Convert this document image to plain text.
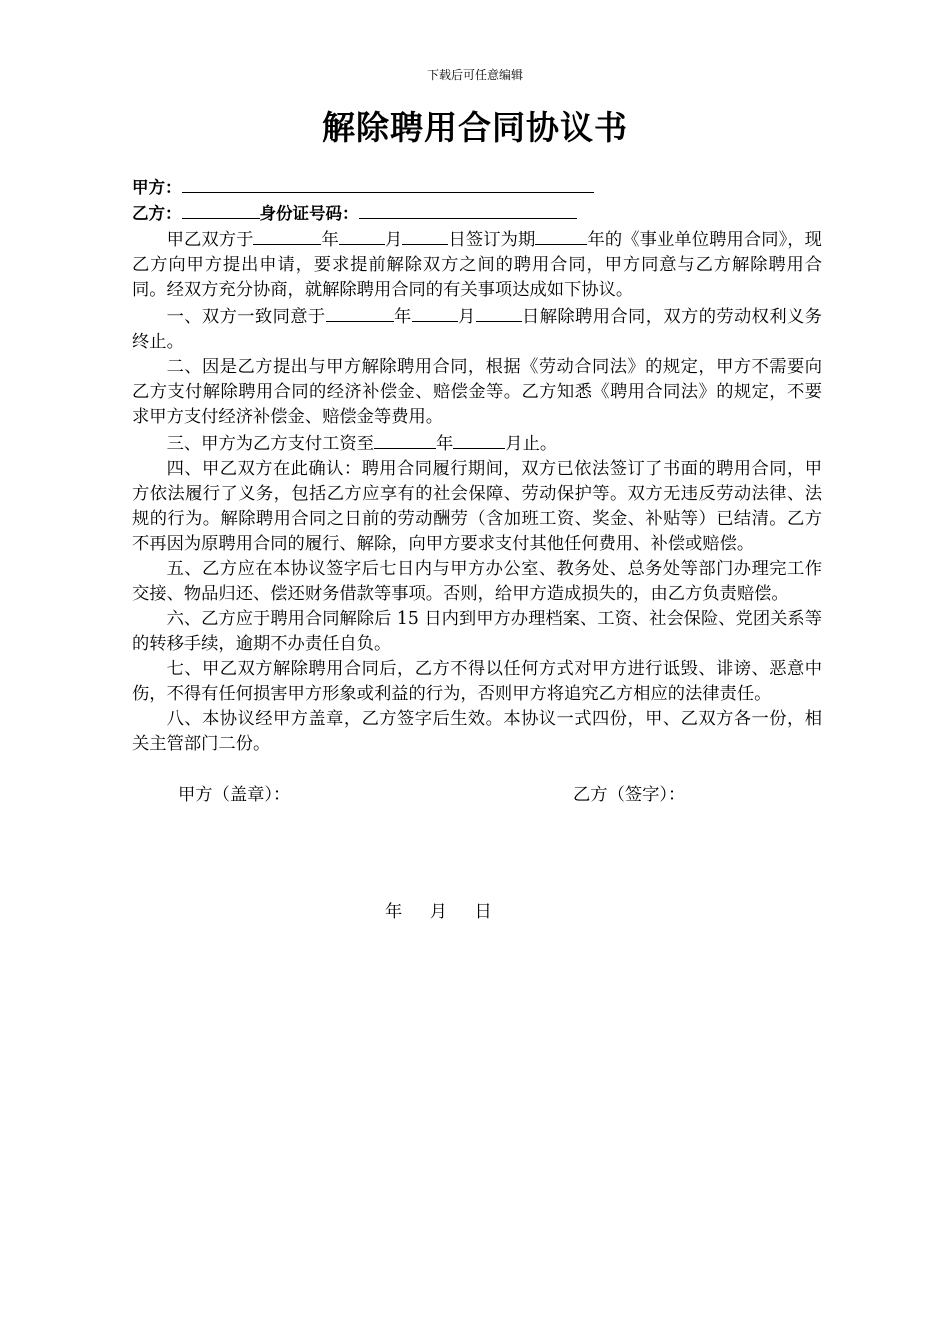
下载后可任意编辑
解除聘用合同协议书
甲方：
乙方：	身份证号码：

甲乙双方于	年	月	日签订为期	年的《事业单位聘用合同》，现乙方向甲方提出申请，要求提前解除双方之间的聘用合同，甲方同意与乙方解除聘用合同。经双方充分协商，就解除聘用合同的有关事项达成如下协议。

一、双方一致同意于	年	月	日解除聘用合同，双方的劳动权利义务终止。

二、因是乙方提出与甲方解除聘用合同，根据《劳动合同法》的规定，甲方不需要向乙方支付解除聘用合同的经济补偿金、赔偿金等。乙方知悉《聘用合同法》的规定，不要求甲方支付经济补偿金、赔偿金等费用。

三、甲方为乙方支付工资至	年	月止。

四、甲乙双方在此确认：聘用合同履行期间，双方已依法签订了书面的聘用合同，甲方依法履行了义务，包括乙方应享有的社会保障、劳动保护等。双方无违反劳动法律、法规的行为。解除聘用合同之日前的劳动酬劳（含加班工资、奖金、补贴等）已结清。乙方不再因为原聘用合同的履行、解除，向甲方要求支付其他任何费用、补偿或赔偿。

五、乙方应在本协议签字后七日内与甲方办公室、教务处、总务处等部门办理完工作交接、物品归还、偿还财务借款等事项。否则，给甲方造成损失的，由乙方负责赔偿。

六、乙方应于聘用合同解除后 15 日内到甲方办理档案、工资、社会保险、党团关系等的转移手续，逾期不办责任自负。

七、甲乙双方解除聘用合同后，乙方不得以任何方式对甲方进行诋毁、诽谤、恶意中伤，不得有任何损害甲方形象或利益的行为，否则甲方将追究乙方相应的法律责任。

八、本协议经甲方盖章，乙方签字后生效。本协议一式四份，甲、乙双方各一份，相关主管部门二份。

甲方（盖章）：	乙方（签字）：
年     月     日
